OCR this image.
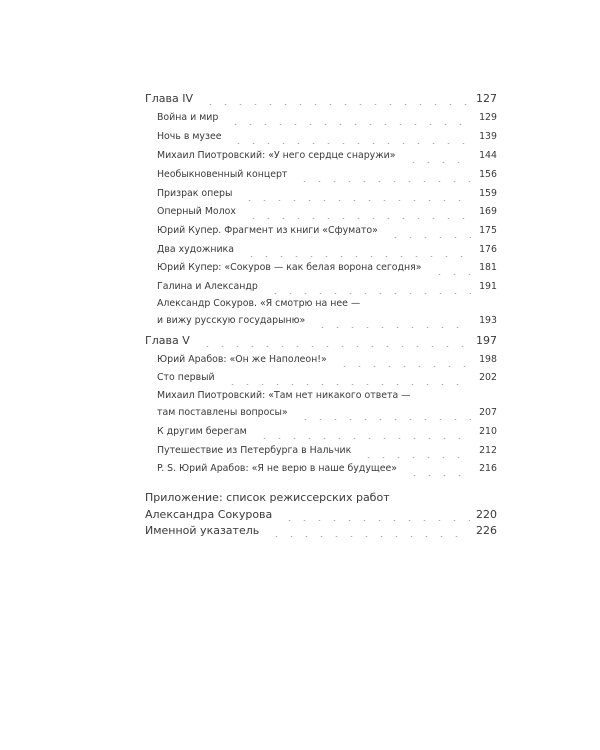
Глава IV	127
Война и мир	129
Ночь в музее	139
Михаил Пиотровский: «У него сердце снаружи»	144
Необыкновенный концерт	156
Призрак оперы	159
Оперный Молох	169
Юрий Купер. Фрагмент из книги «Сфумато»	175
Два художника	176
Юрий Купер: «Сокуров — как белая ворона сегодня»	181
Галина и Александр	191
Александр Сокуров. «Я смотрю на нее —
и вижу русскую государыню»	193
Глава V	197
Юрий Арабов: «Он же Наполеон!»	198
Сто первый	202
Михаил Пиотровский: «Там нет никакого ответа —
там поставлены вопросы»	207
К другим берегам	210
Путешествие из Петербурга в Нальчик	212
P. S. Юрий Арабов: «Я не верю в наше будущее»	216
Приложение: список режиссерских работ
Александра Сокурова	220
Именной указатель	226
